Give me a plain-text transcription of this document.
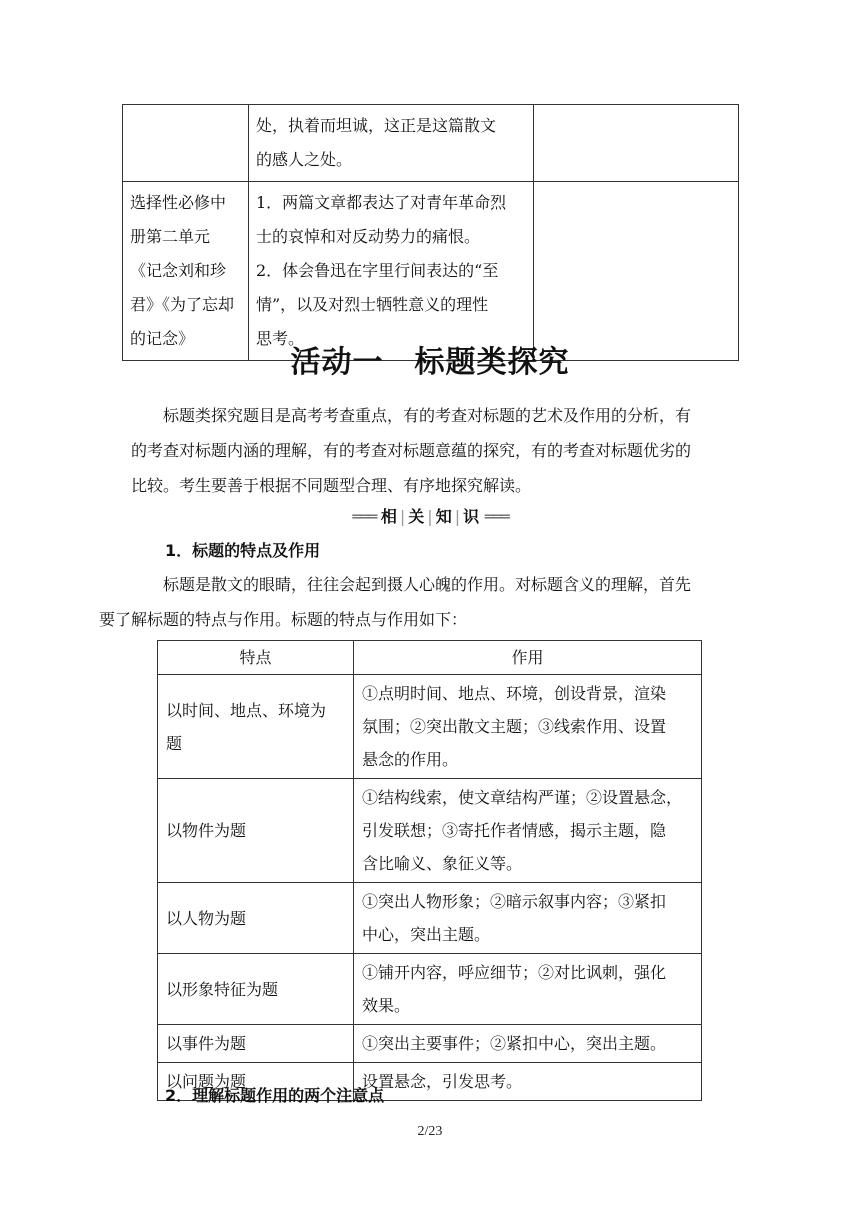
	处，执着而坦诚，这正是这篇散文
的感人之处。	

选择性必修中
册第二单元
《记念刘和珍
君》《为了忘却
的记念》	1．两篇文章都表达了对青年革命烈
士的哀悼和对反动势力的痛恨。
2．体会鲁迅在字里行间表达的“至
情”，以及对烈士牺牲意义的理性
思考。	

活动一　标题类探究
标题类探究题目是高考考查重点，有的考查对标题的艺术及作用的分析，有
的考查对标题内涵的理解，有的考查对标题意蕴的探究，有的考查对标题优劣的
比较。考生要善于根据不同题型合理、有序地探究解读。
═══ 相 | 关 | 知 | 识 ═══
1．标题的特点及作用
标题是散文的眼睛，往往会起到摄人心魄的作用。对标题含义的理解，首先
要了解标题的特点与作用。标题的特点与作用如下：
特点	作用

以时间、地点、环境为
题	①点明时间、地点、环境，创设背景，渲染
氛围；②突出散文主题；③线索作用、设置
悬念的作用。

以物件为题	①结构线索，使文章结构严谨；②设置悬念，
引发联想；③寄托作者情感，揭示主题，隐
含比喻义、象征义等。

以人物为题	①突出人物形象；②暗示叙事内容；③紧扣
中心，突出主题。

以形象特征为题	①铺开内容，呼应细节；②对比讽刺，强化
效果。

以事件为题	①突出主要事件；②紧扣中心，突出主题。

以问题为题	设置悬念，引发思考。
2．理解标题作用的两个注意点
2/23
